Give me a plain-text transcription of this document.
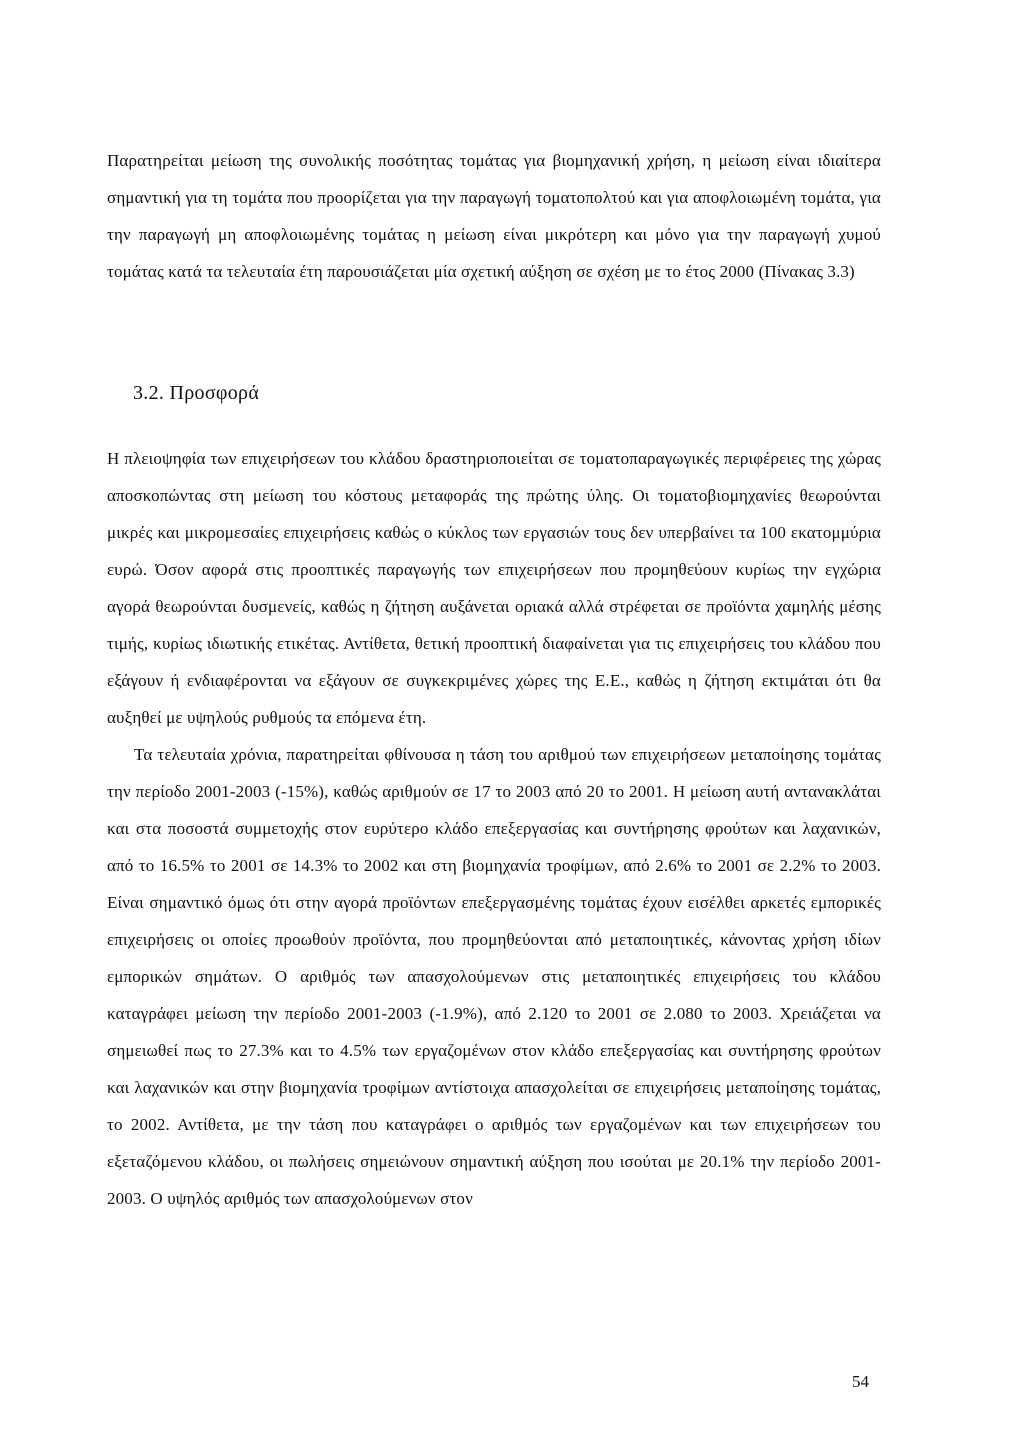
Παρατηρείται μείωση της συνολικής ποσότητας τομάτας για βιομηχανική χρήση, η μείωση είναι ιδιαίτερα σημαντική για τη τομάτα που προορίζεται για την παραγωγή τοματοπολτού και για αποφλοιωμένη τομάτα, για την παραγωγή μη αποφλοιωμένης τομάτας η μείωση είναι μικρότερη και μόνο για την παραγωγή χυμού τομάτας κατά τα τελευταία έτη παρουσιάζεται μία σχετική αύξηση σε σχέση με το έτος 2000 (Πίνακας 3.3)

3.2. Προσφορά

Η πλειοψηφία των επιχειρήσεων του κλάδου δραστηριοποιείται σε τοματοπαραγωγικές περιφέρειες της χώρας αποσκοπώντας στη μείωση του κόστους μεταφοράς της πρώτης ύλης. Οι τοματοβιομηχανίες θεωρούνται μικρές και μικρομεσαίες επιχειρήσεις καθώς ο κύκλος των εργασιών τους δεν υπερβαίνει τα 100 εκατομμύρια ευρώ. Όσον αφορά στις προοπτικές παραγωγής των επιχειρήσεων που προμηθεύουν κυρίως την εγχώρια αγορά θεωρούνται δυσμενείς, καθώς η ζήτηση αυξάνεται οριακά αλλά στρέφεται σε προϊόντα χαμηλής μέσης τιμής, κυρίως ιδιωτικής ετικέτας. Αντίθετα, θετική προοπτική διαφαίνεται για τις επιχειρήσεις του κλάδου που εξάγουν ή ενδιαφέρονται να εξάγουν σε συγκεκριμένες χώρες της Ε.Ε., καθώς η ζήτηση εκτιμάται ότι θα αυξηθεί με υψηλούς ρυθμούς τα επόμενα έτη.

Τα τελευταία χρόνια, παρατηρείται φθίνουσα η τάση του αριθμού των επιχειρήσεων μεταποίησης τομάτας την περίοδο 2001-2003 (-15%), καθώς αριθμούν σε 17 το 2003 από 20 το 2001. Η μείωση αυτή αντανακλάται και στα ποσοστά συμμετοχής στον ευρύτερο κλάδο επεξεργασίας και συντήρησης φρούτων και λαχανικών, από το 16.5% το 2001 σε 14.3% το 2002 και στη βιομηχανία τροφίμων, από 2.6% το 2001 σε 2.2% το 2003. Είναι σημαντικό όμως ότι στην αγορά προϊόντων επεξεργασμένης τομάτας έχουν εισέλθει αρκετές εμπορικές επιχειρήσεις οι οποίες προωθούν προϊόντα, που προμηθεύονται από μεταποιητικές, κάνοντας χρήση ιδίων εμπορικών σημάτων. Ο αριθμός των απασχολούμενων στις μεταποιητικές επιχειρήσεις του κλάδου καταγράφει μείωση την περίοδο 2001-2003 (-1.9%), από 2.120 το 2001 σε 2.080 το 2003. Χρειάζεται να σημειωθεί πως το 27.3% και το 4.5% των εργαζομένων στον κλάδο επεξεργασίας και συντήρησης φρούτων και λαχανικών και στην βιομηχανία τροφίμων αντίστοιχα απασχολείται σε επιχειρήσεις μεταποίησης τομάτας, το 2002. Αντίθετα, με την τάση που καταγράφει ο αριθμός των εργαζομένων και των επιχειρήσεων του εξεταζόμενου κλάδου, οι πωλήσεις σημειώνουν σημαντική αύξηση που ισούται με 20.1% την περίοδο 2001-2003. Ο υψηλός αριθμός των απασχολούμενων στον

54
